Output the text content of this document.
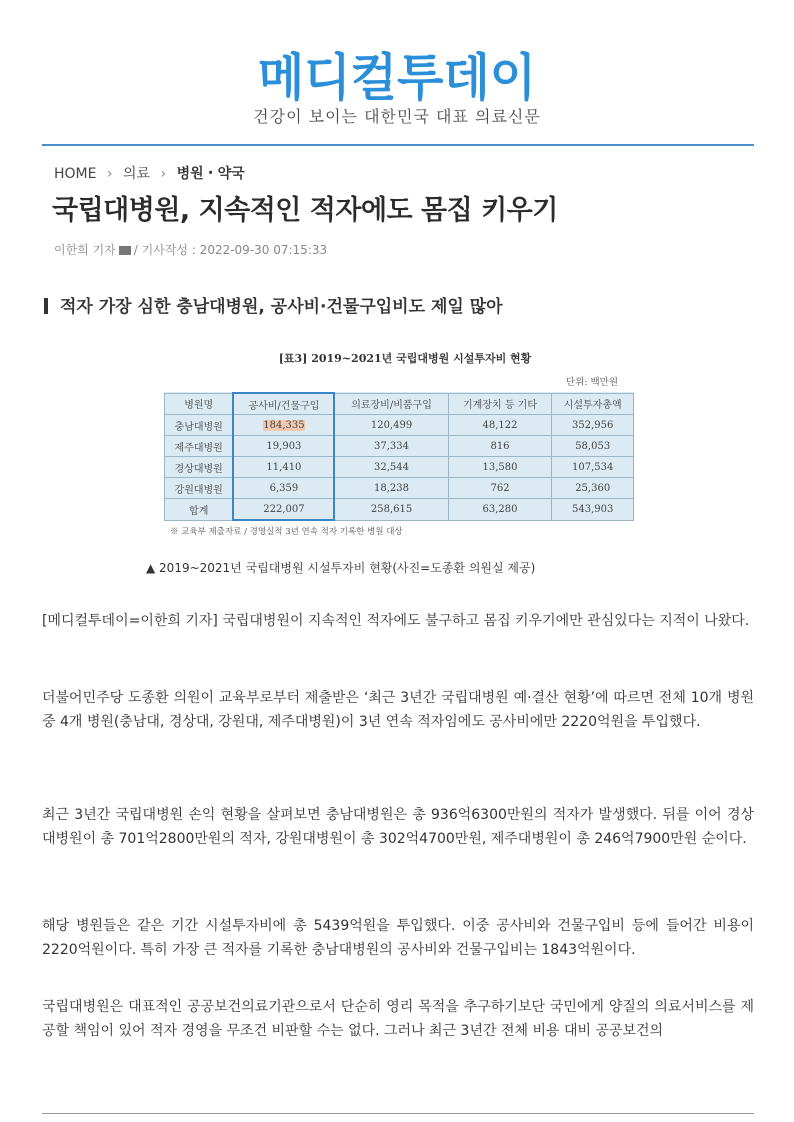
메디컬투데이
건강이 보이는 대한민국 대표 의료신문
HOME › 의료 › 병원・약국
국립대병원, 지속적인 적자에도 몸집 키우기
이한희 기자 / 기사작성 : 2022-09-30 07:15:33
적자 가장 심한 충남대병원, 공사비·건물구입비도 제일 많아
[표3] 2019~2021년 국립대병원 시설투자비 현황
단위: 백만원
병원명	공사비/건물구입	의료장비/비품구입	기계장치 등 기타	시설투자총액
충남대병원	184,335	120,499	48,122	352,956
제주대병원	19,903	37,334	816	58,053
경상대병원	11,410	32,544	13,580	107,534
강원대병원	6,359	18,238	762	25,360
합계	222,007	258,615	63,280	543,903
※ 교육부 제출자료 / 경영실적 3년 연속 적자 기록한 병원 대상
▲ 2019~2021년 국립대병원 시설투자비 현황(사진=도종환 의원실 제공)
[메디컬투데이=이한희 기자] 국립대병원이 지속적인 적자에도 불구하고 몸집 키우기에만 관심있다는 지적이 나왔다.
더불어민주당 도종환 의원이 교육부로부터 제출받은 ‘최근 3년간 국립대병원 예·결산 현황’에 따르면 전체 10개 병원 중 4개 병원(충남대, 경상대, 강원대, 제주대병원)이 3년 연속 적자임에도 공사비에만 2220억원을 투입했다.
최근 3년간 국립대병원 손익 현황을 살펴보면 충남대병원은 총 936억6300만원의 적자가 발생했다. 뒤를 이어 경상대병원이 총 701억2800만원의 적자, 강원대병원이 총 302억4700만원, 제주대병원이 총 246억7900만원 순이다.
해당 병원들은 같은 기간 시설투자비에 총 5439억원을 투입했다. 이중 공사비와 건물구입비 등에 들어간 비용이 2220억원이다. 특히 가장 큰 적자를 기록한 충남대병원의 공사비와 건물구입비는 1843억원이다.
국립대병원은 대표적인 공공보건의료기관으로서 단순히 영리 목적을 추구하기보단 국민에게 양질의 의료서비스를 제공할 책임이 있어 적자 경영을 무조건 비판할 수는 없다. 그러나 최근 3년간 전체 비용 대비 공공보건의
